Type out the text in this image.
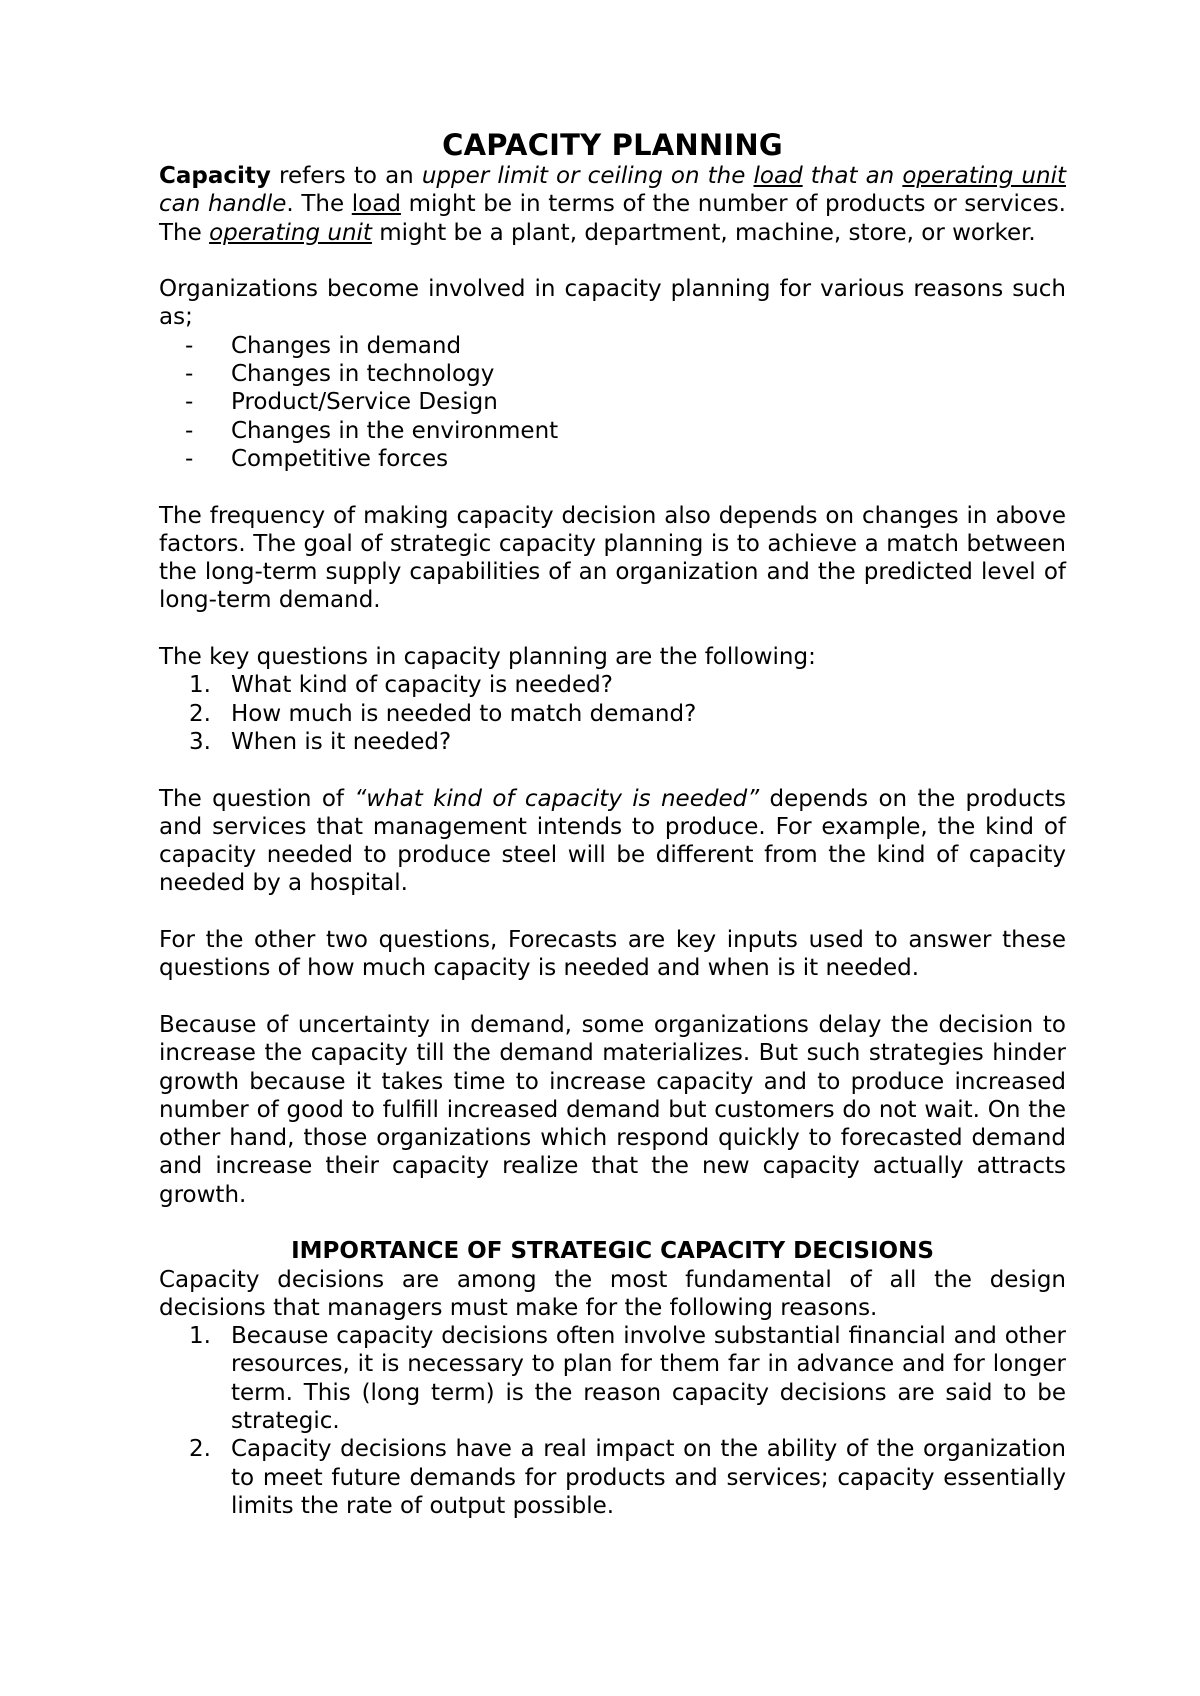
CAPACITY PLANNING

Capacity refers to an upper limit or ceiling on the load that an operating unit can handle. The load might be in terms of the number of products or services. The operating unit might be a plant, department, machine, store, or worker.

Organizations become involved in capacity planning for various reasons such as;

-	Changes in demand
-	Changes in technology
-	Product/Service Design
-	Changes in the environment
-	Competitive forces

The frequency of making capacity decision also depends on changes in above factors. The goal of strategic capacity planning is to achieve a match between the long-term supply capabilities of an organization and the predicted level of long-term demand.

The key questions in capacity planning are the following:

1. What kind of capacity is needed?
2. How much is needed to match demand?
3. When is it needed?

The question of “what kind of capacity is needed” depends on the products and services that management intends to produce. For example, the kind of capacity needed to produce steel will be different from the kind of capacity needed by a hospital.

For the other two questions, Forecasts are key inputs used to answer these questions of how much capacity is needed and when is it needed.

Because of uncertainty in demand, some organizations delay the decision to increase the capacity till the demand materializes. But such strategies hinder growth because it takes time to increase capacity and to produce increased number of good to fulfill increased demand but customers do not wait. On the other hand, those organizations which respond quickly to forecasted demand and increase their capacity realize that the new capacity actually attracts growth.

IMPORTANCE OF STRATEGIC CAPACITY DECISIONS

Capacity decisions are among the most fundamental of all the design decisions that managers must make for the following reasons.

1. Because capacity decisions often involve substantial financial and other resources, it is necessary to plan for them far in advance and for longer term. This (long term) is the reason capacity decisions are said to be strategic.
2. Capacity decisions have a real impact on the ability of the organization to meet future demands for products and services; capacity essentially limits the rate of output possible.
